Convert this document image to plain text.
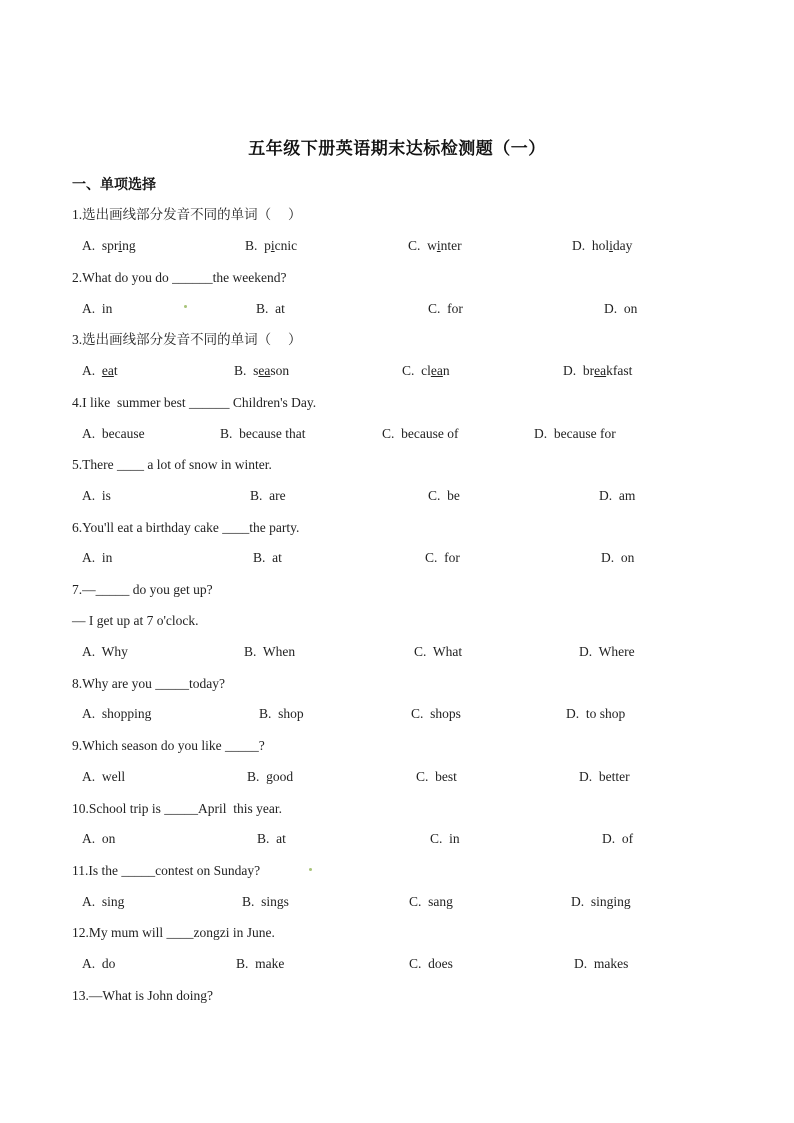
五年级下册英语期末达标检测题（一）
一、单项选择
1.选出画线部分发音不同的单词（     ）
A.  spring	B.  picnic	C.  winter	D.  holiday
2.What do you do ______the weekend?
A.  in	B.  at	C.  for	D.  on
3.选出画线部分发音不同的单词（     ）
A.  eat	B.  season	C.  clean	D.  breakfast
4.I like  summer best ______ Children's Day.
A.  because	B.  because that	C.  because of	D.  because for
5.There ____ a lot of snow in winter.
A.  is	B.  are	C.  be	D.  am
6.You'll eat a birthday cake ____the party.
A.  in	B.  at	C.  for	D.  on
7.—_____ do you get up?
— I get up at 7 o'clock.
A.  Why	B.  When	C.  What	D.  Where
8.Why are you _____today?
A.  shopping	B.  shop	C.  shops	D.  to shop
9.Which season do you like _____?
A.  well	B.  good	C.  best	D.  better
10.School trip is _____April  this year.
A.  on	B.  at	C.  in	D.  of
11.Is the _____contest on Sunday?
A.  sing	B.  sings	C.  sang	D.  singing
12.My mum will ____zongzi in June.
A.  do	B.  make	C.  does	D.  makes
13.—What is John doing?
